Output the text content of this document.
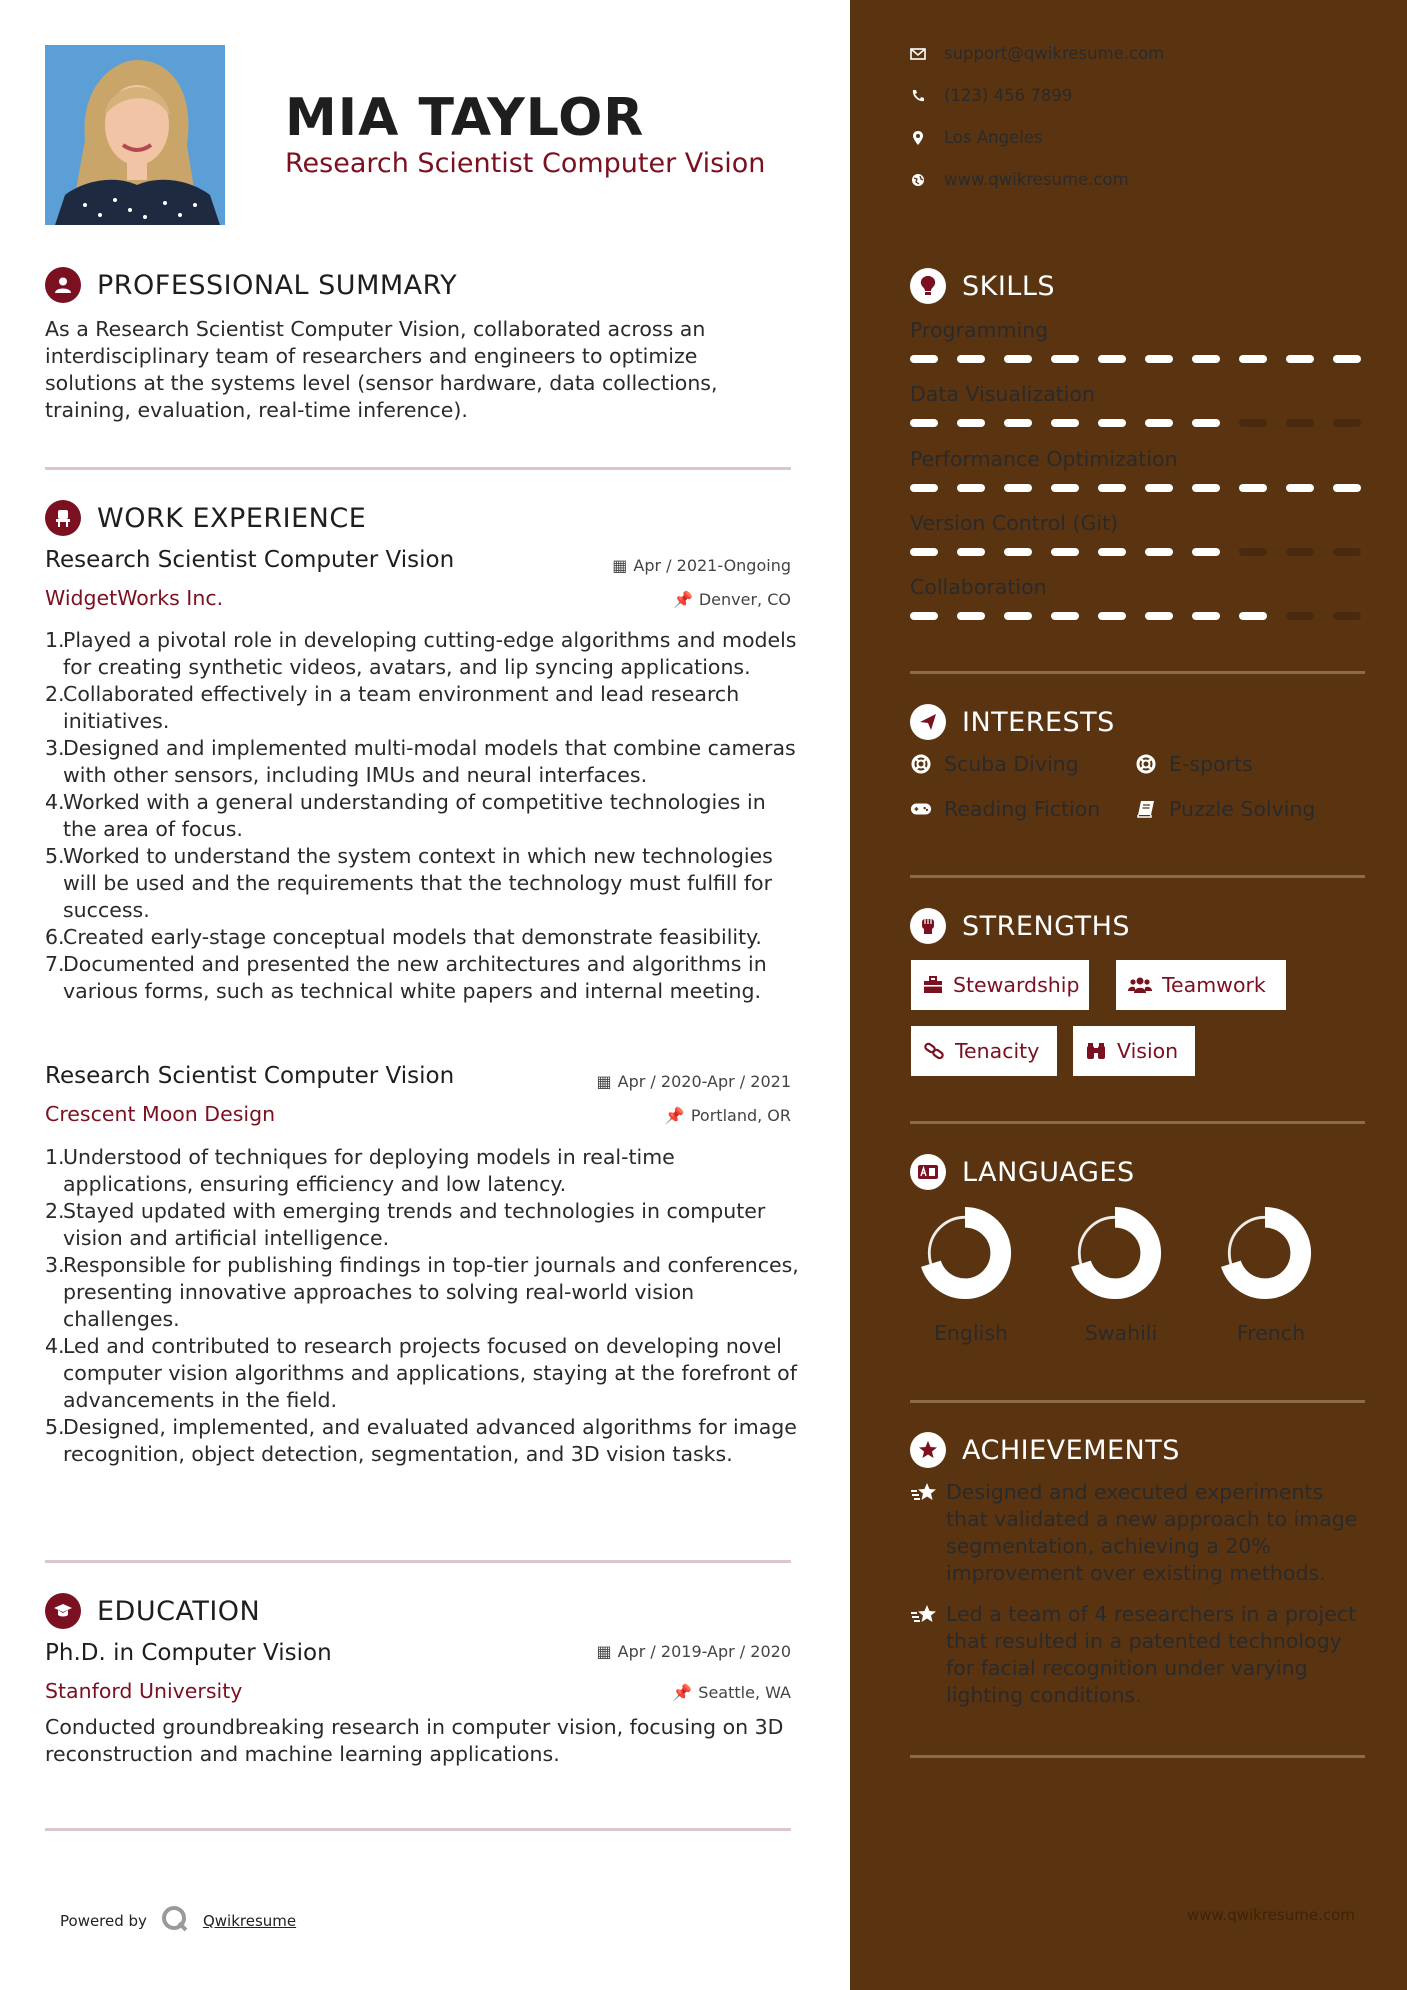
MIA TAYLOR
Research Scientist Computer Vision
PROFESSIONAL SUMMARY
As a Research Scientist Computer Vision, collaborated across an interdisciplinary team of researchers and engineers to optimize solutions at the systems level (sensor hardware, data collections, training, evaluation, real-time inference).
WORK EXPERIENCE
Research Scientist Computer Vision	▦ Apr / 2021-Ongoing
WidgetWorks Inc.	📌 Denver, CO
1.
Played a pivotal role in developing cutting-edge algorithms and models for creating synthetic videos, avatars, and lip syncing applications.
2.
Collaborated effectively in a team environment and lead research initiatives.
3.
Designed and implemented multi-modal models that combine cameras with other sensors, including IMUs and neural interfaces.
4.
Worked with a general understanding of competitive technologies in the area of focus.
5.
Worked to understand the system context in which new technologies will be used and the requirements that the technology must fulfill for success.
6.
Created early-stage conceptual models that demonstrate feasibility.
7.
Documented and presented the new architectures and algorithms in various forms, such as technical white papers and internal meeting.
Research Scientist Computer Vision	▦ Apr / 2020-Apr / 2021
Crescent Moon Design	📌 Portland, OR
1.
Understood of techniques for deploying models in real-time applications, ensuring efficiency and low latency.
2.
Stayed updated with emerging trends and technologies in computer vision and artificial intelligence.
3.
Responsible for publishing findings in top-tier journals and conferences, presenting innovative approaches to solving real-world vision challenges.
4.
Led and contributed to research projects focused on developing novel computer vision algorithms and applications, staying at the forefront of advancements in the field.
5.
Designed, implemented, and evaluated advanced algorithms for image recognition, object detection, segmentation, and 3D vision tasks.
EDUCATION
Ph.D. in Computer Vision	▦ Apr / 2019-Apr / 2020
Stanford University	📌 Seattle, WA
Conducted groundbreaking research in computer vision, focusing on 3D reconstruction and machine learning applications.
Powered by	Qwikresume
support@qwikresume.com
(123) 456 7899
Los Angeles
www.qwikresume.com
SKILLS
Programming
Data Visualization
Performance Optimization
Version Control (Git)
Collaboration
INTERESTS
Scuba Diving	E-sports
Reading Fiction	Puzzle Solving
STRENGTHS
Stewardship	Teamwork
Tenacity	Vision
LANGUAGES
English	Swahili	French
ACHIEVEMENTS
Designed and executed experiments that validated a new approach to image segmentation, achieving a 20% improvement over existing methods.
Led a team of 4 researchers in a project that resulted in a patented technology for facial recognition under varying lighting conditions.
www.qwikresume.com
